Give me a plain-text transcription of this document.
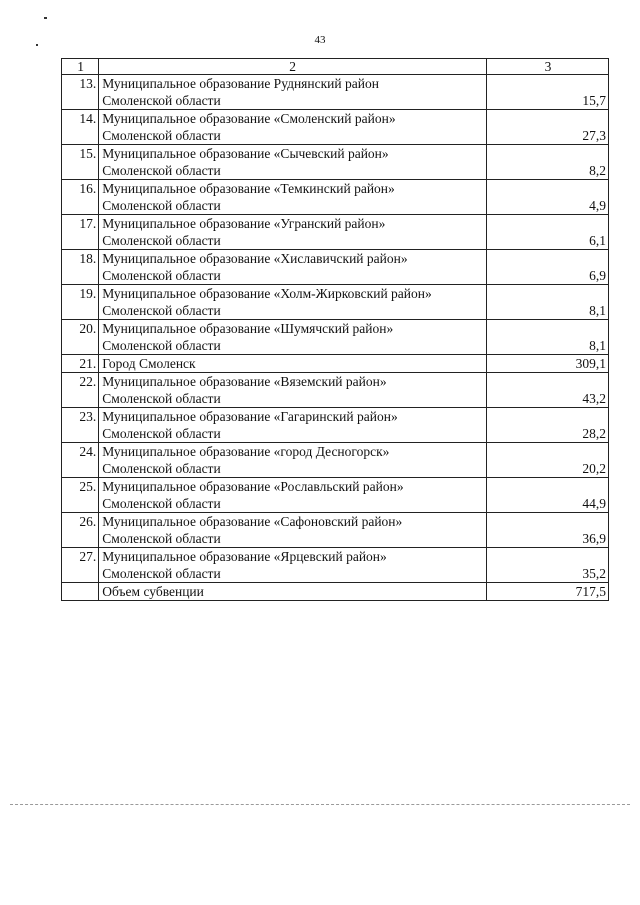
43
1	2	3
13.	Муниципальное образование Руднянский район
Смоленской области	15,7
14.	Муниципальное образование «Смоленский район»
Смоленской области	27,3
15.	Муниципальное образование «Сычевский район»
Смоленской области	8,2
16.	Муниципальное образование «Темкинский район»
Смоленской области	4,9
17.	Муниципальное образование «Угранский район»
Смоленской области	6,1
18.	Муниципальное образование «Хиславичский район»
Смоленской области	6,9
19.	Муниципальное образование «Холм-Жирковский район»
Смоленской области	8,1
20.	Муниципальное образование «Шумячский район»
Смоленской области	8,1
21.	Город Смоленск	309,1
22.	Муниципальное образование «Вяземский район»
Смоленской области	43,2
23.	Муниципальное образование «Гагаринский район»
Смоленской области	28,2
24.	Муниципальное образование «город Десногорск»
Смоленской области	20,2
25.	Муниципальное образование «Рославльский район»
Смоленской области	44,9
26.	Муниципальное образование «Сафоновский район»
Смоленской области	36,9
27.	Муниципальное образование «Ярцевский район»
Смоленской области	35,2

	Объем субвенции	717,5
